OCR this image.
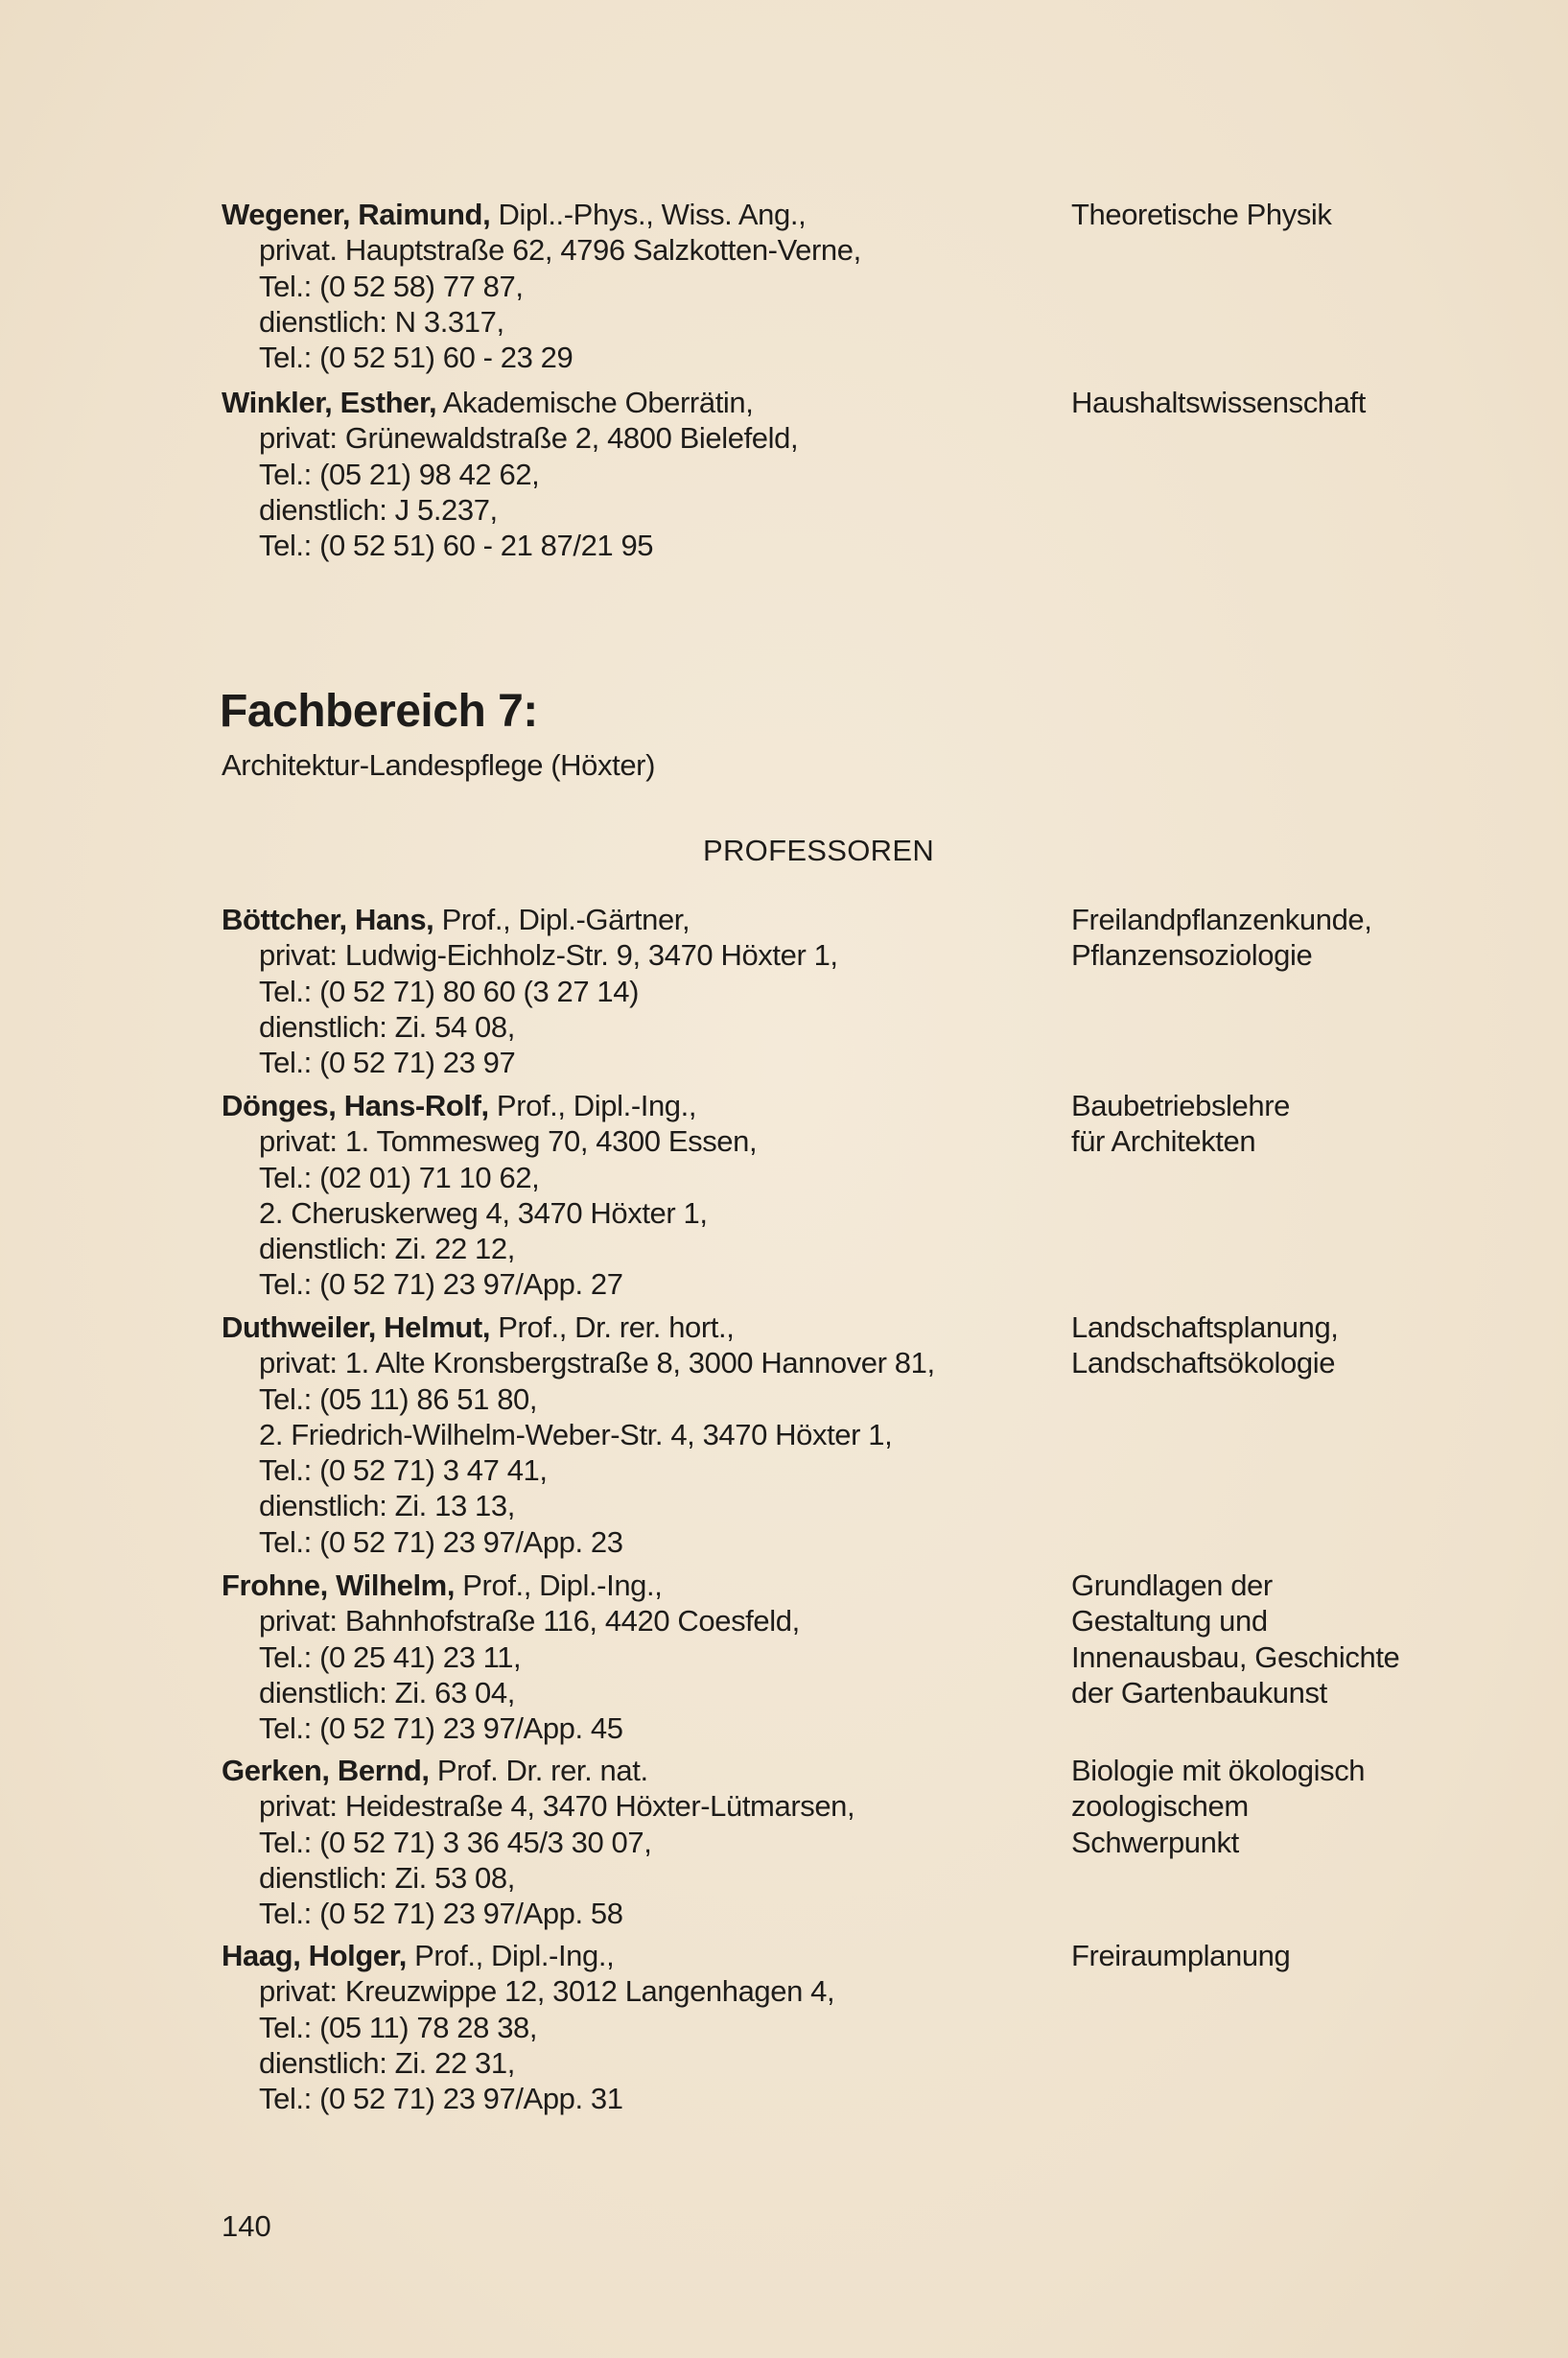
Wegener, Raimund, Dipl..-Phys., Wiss. Ang.,
privat. Hauptstraße 62, 4796 Salzkotten-Verne,
Tel.: (0 52 58) 77 87,
dienstlich: N 3.317,
Tel.: (0 52 51) 60 - 23 29
Theoretische Physik
Winkler, Esther, Akademische Oberrätin,
privat: Grünewaldstraße 2, 4800 Bielefeld,
Tel.: (05 21) 98 42 62,
dienstlich: J 5.237,
Tel.: (0 52 51) 60 - 21 87/21 95
Haushaltswissenschaft
Fachbereich 7:
Architektur-Landespflege (Höxter)
PROFESSOREN
Böttcher, Hans, Prof., Dipl.-Gärtner,
privat: Ludwig-Eichholz-Str. 9, 3470 Höxter 1,
Tel.: (0 52 71) 80 60 (3 27 14)
dienstlich: Zi. 54 08,
Tel.: (0 52 71) 23 97
Freilandpflanzenkunde,
Pflanzensoziologie
Dönges, Hans-Rolf, Prof., Dipl.-Ing.,
privat: 1. Tommesweg 70, 4300 Essen,
Tel.: (02 01) 71 10 62,
2. Cheruskerweg 4, 3470 Höxter 1,
dienstlich: Zi. 22 12,
Tel.: (0 52 71) 23 97/App. 27
Baubetriebslehre
für Architekten
Duthweiler, Helmut, Prof., Dr. rer. hort.,
privat: 1. Alte Kronsbergstraße 8, 3000 Hannover 81,
Tel.: (05 11) 86 51 80,
2. Friedrich-Wilhelm-Weber-Str. 4, 3470 Höxter 1,
Tel.: (0 52 71) 3 47 41,
dienstlich: Zi. 13 13,
Tel.: (0 52 71) 23 97/App. 23
Landschaftsplanung,
Landschaftsökologie
Frohne, Wilhelm, Prof., Dipl.-Ing.,
privat: Bahnhofstraße 116, 4420 Coesfeld,
Tel.: (0 25 41) 23 11,
dienstlich: Zi. 63 04,
Tel.: (0 52 71) 23 97/App. 45
Grundlagen der
Gestaltung und
Innenausbau, Geschichte
der Gartenbaukunst
Gerken, Bernd, Prof. Dr. rer. nat.
privat: Heidestraße 4, 3470 Höxter-Lütmarsen,
Tel.: (0 52 71) 3 36 45/3 30 07,
dienstlich: Zi. 53 08,
Tel.: (0 52 71) 23 97/App. 58
Biologie mit ökologisch
zoologischem
Schwerpunkt
Haag, Holger, Prof., Dipl.-Ing.,
privat: Kreuzwippe 12, 3012 Langenhagen 4,
Tel.: (05 11) 78 28 38,
dienstlich: Zi. 22 31,
Tel.: (0 52 71) 23 97/App. 31
Freiraumplanung
140
